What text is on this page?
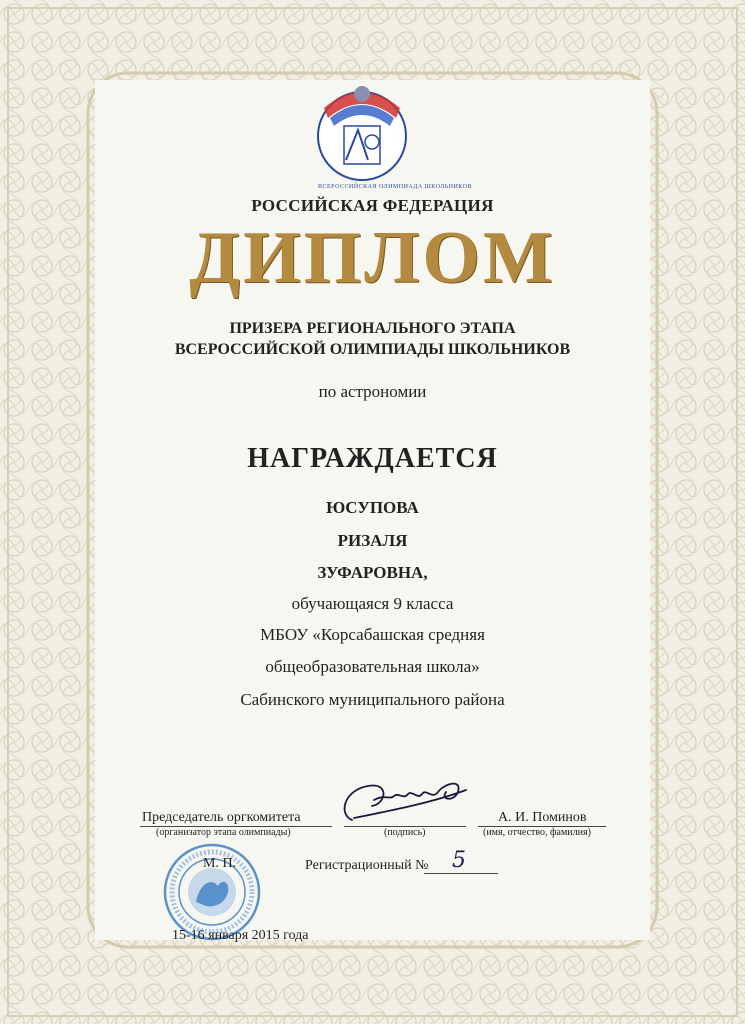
ВСЕРОССИЙСКАЯ ОЛИМПИАДА ШКОЛЬНИКОВ
РОССИЙСКАЯ ФЕДЕРАЦИЯ
ДИПЛОМ
ПРИЗЕРА РЕГИОНАЛЬНОГО ЭТАПА
ВСЕРОССИЙСКОЙ ОЛИМПИАДЫ ШКОЛЬНИКОВ
по астрономии
НАГРАЖДАЕТСЯ
ЮСУПОВА
РИЗАЛЯ
ЗУФАРОВНА,
обучающаяся 9 класса
МБОУ «Корсабашская средняя
общеобразовательная школа»
Сабинского муниципального района
Председатель оргкомитета
(организатор этапа олимпиады)	(подпись)
А. И. Поминов
(имя, отчество, фамилия)
М. П.	Регистрационный № 5
15-16 января 2015 года
